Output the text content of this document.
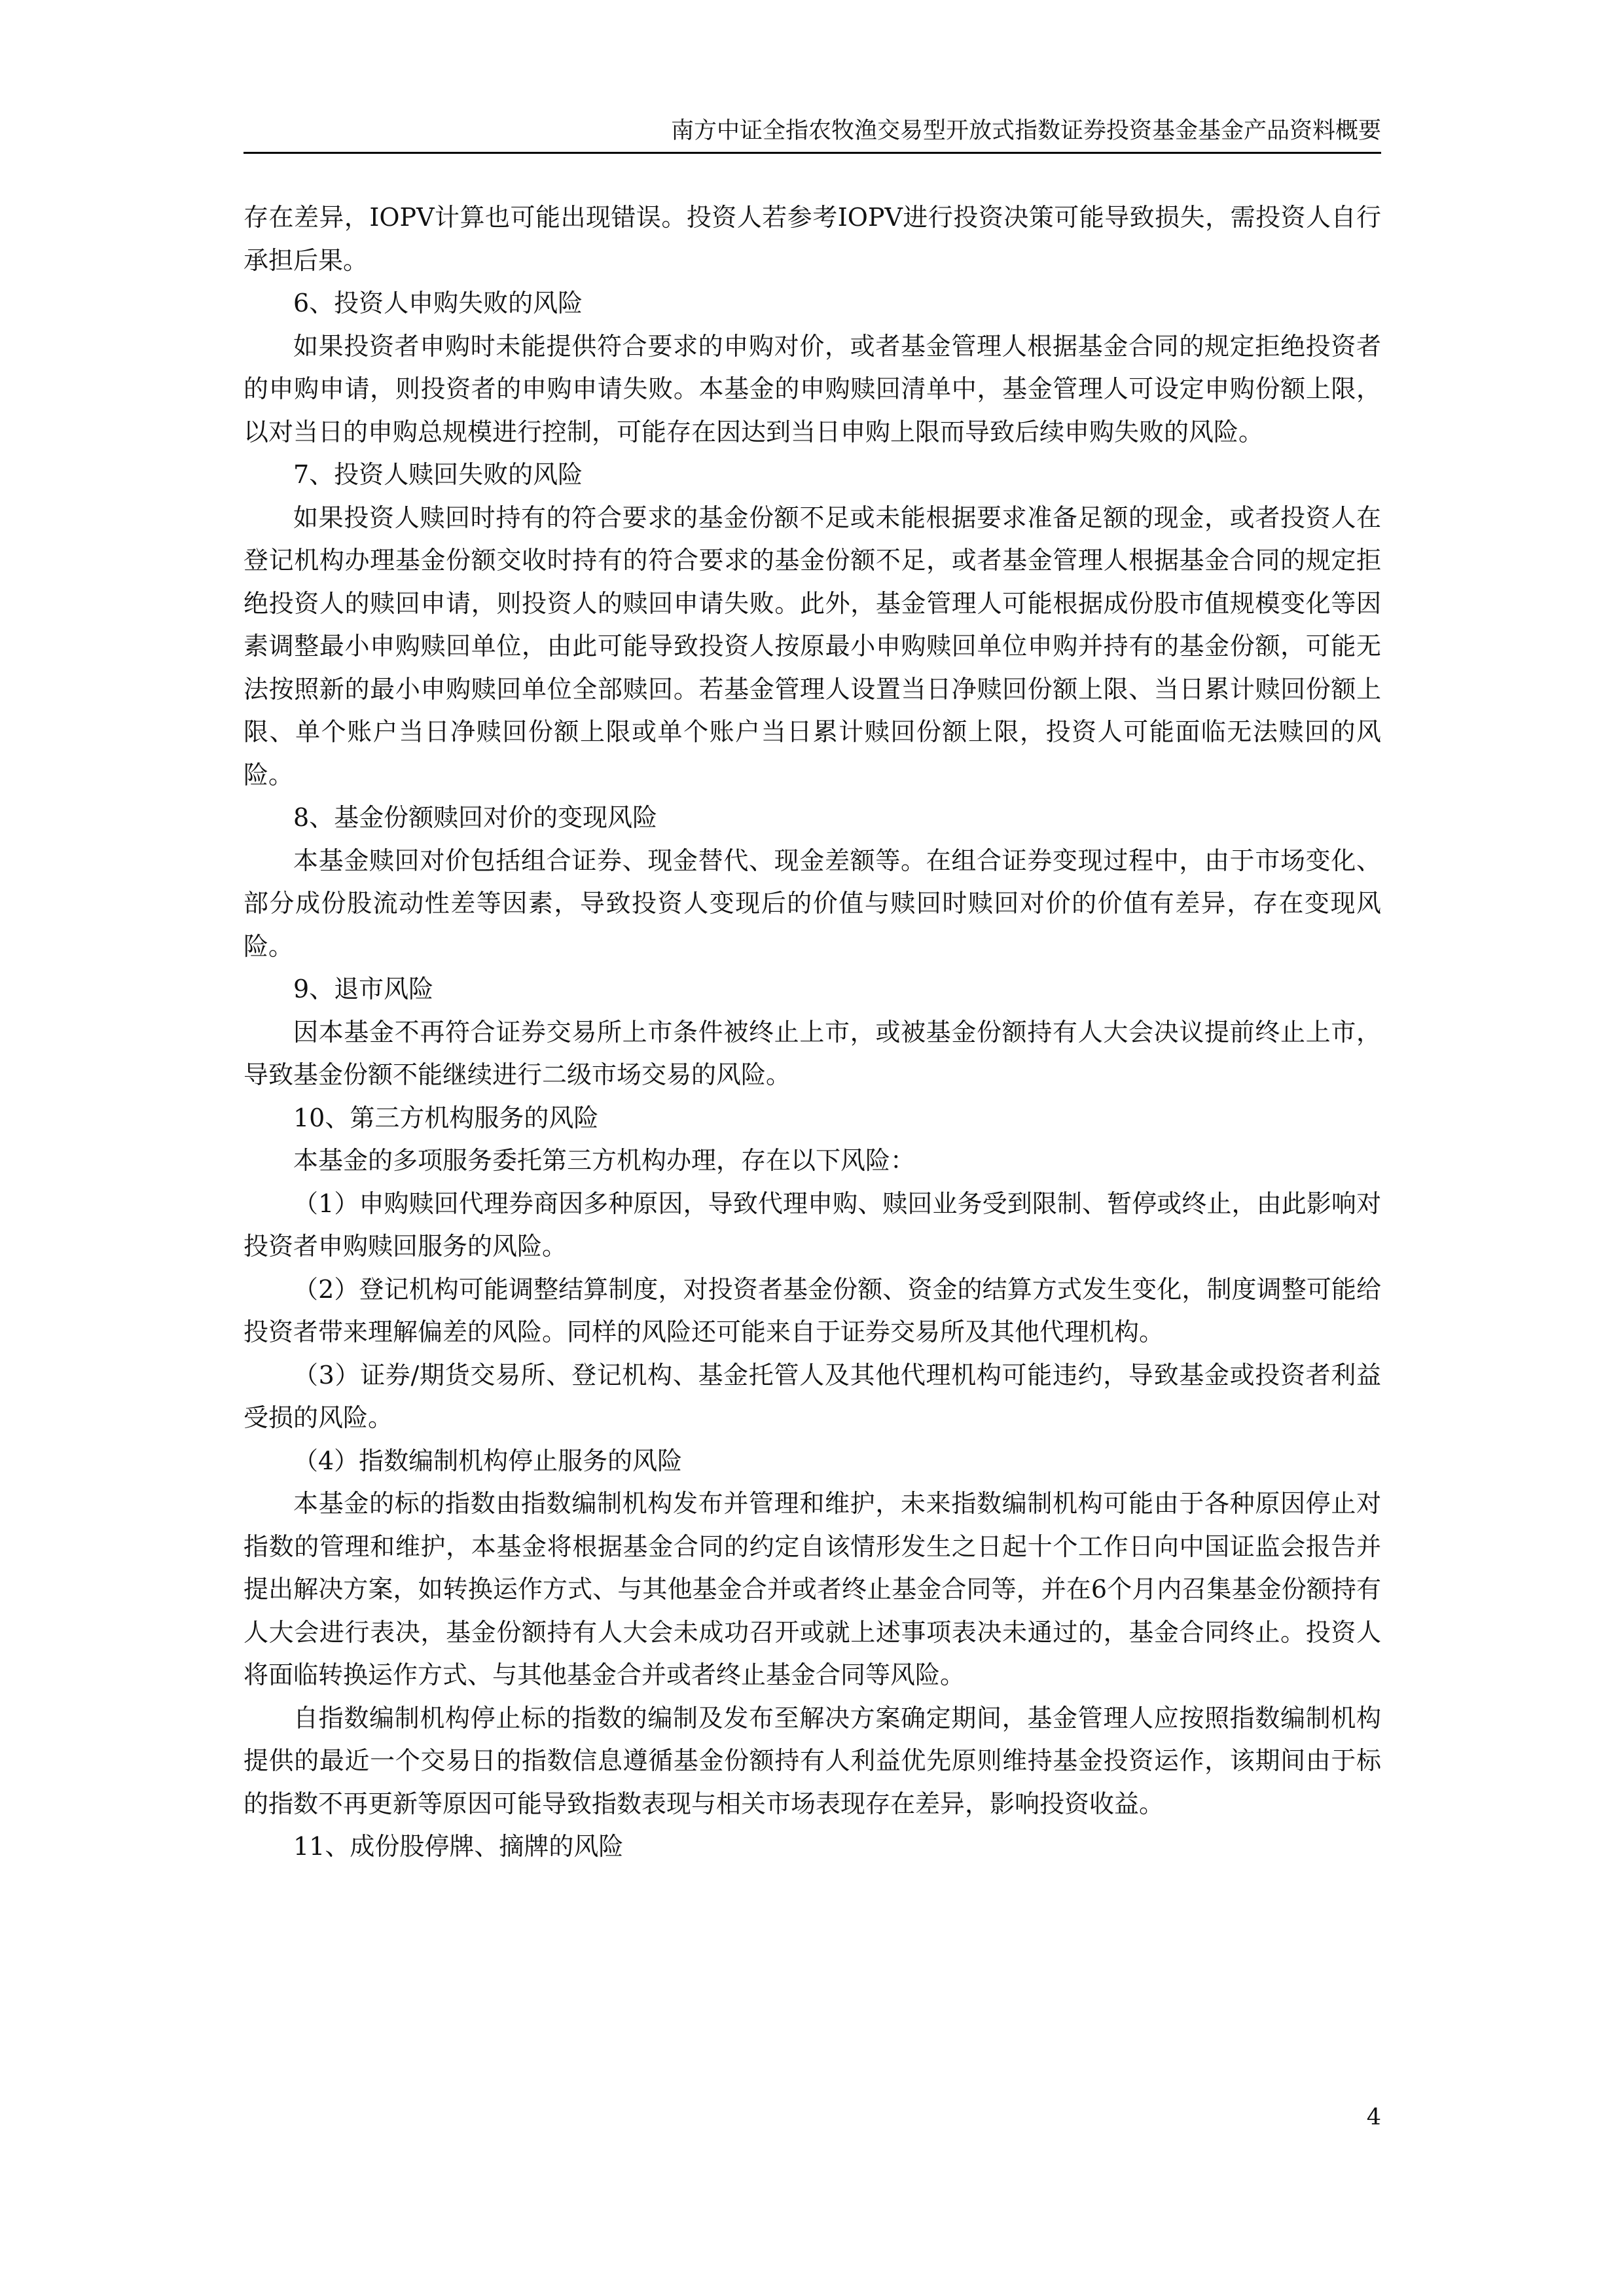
南方中证全指农牧渔交易型开放式指数证券投资基金基金产品资料概要

存在差异，IOPV计算也可能出现错误。投资人若参考IOPV进行投资决策可能导致损失，需投资人自行承担后果。

6、投资人申购失败的风险

如果投资者申购时未能提供符合要求的申购对价，或者基金管理人根据基金合同的规定拒绝投资者的申购申请，则投资者的申购申请失败。本基金的申购赎回清单中，基金管理人可设定申购份额上限，以对当日的申购总规模进行控制，可能存在因达到当日申购上限而导致后续申购失败的风险。

7、投资人赎回失败的风险

如果投资人赎回时持有的符合要求的基金份额不足或未能根据要求准备足额的现金，或者投资人在登记机构办理基金份额交收时持有的符合要求的基金份额不足，或者基金管理人根据基金合同的规定拒绝投资人的赎回申请，则投资人的赎回申请失败。此外，基金管理人可能根据成份股市值规模变化等因素调整最小申购赎回单位，由此可能导致投资人按原最小申购赎回单位申购并持有的基金份额，可能无法按照新的最小申购赎回单位全部赎回。若基金管理人设置当日净赎回份额上限、当日累计赎回份额上限、单个账户当日净赎回份额上限或单个账户当日累计赎回份额上限，投资人可能面临无法赎回的风险。

8、基金份额赎回对价的变现风险

本基金赎回对价包括组合证券、现金替代、现金差额等。在组合证券变现过程中，由于市场变化、部分成份股流动性差等因素，导致投资人变现后的价值与赎回时赎回对价的价值有差异，存在变现风险。

9、退市风险

因本基金不再符合证券交易所上市条件被终止上市，或被基金份额持有人大会决议提前终止上市，导致基金份额不能继续进行二级市场交易的风险。

10、第三方机构服务的风险

本基金的多项服务委托第三方机构办理，存在以下风险：

（1）申购赎回代理券商因多种原因，导致代理申购、赎回业务受到限制、暂停或终止，由此影响对投资者申购赎回服务的风险。

（2）登记机构可能调整结算制度，对投资者基金份额、资金的结算方式发生变化，制度调整可能给投资者带来理解偏差的风险。同样的风险还可能来自于证券交易所及其他代理机构。

（3）证券/期货交易所、登记机构、基金托管人及其他代理机构可能违约，导致基金或投资者利益受损的风险。

（4）指数编制机构停止服务的风险

本基金的标的指数由指数编制机构发布并管理和维护，未来指数编制机构可能由于各种原因停止对指数的管理和维护，本基金将根据基金合同的约定自该情形发生之日起十个工作日向中国证监会报告并提出解决方案，如转换运作方式、与其他基金合并或者终止基金合同等，并在6个月内召集基金份额持有人大会进行表决，基金份额持有人大会未成功召开或就上述事项表决未通过的，基金合同终止。投资人将面临转换运作方式、与其他基金合并或者终止基金合同等风险。

自指数编制机构停止标的指数的编制及发布至解决方案确定期间，基金管理人应按照指数编制机构提供的最近一个交易日的指数信息遵循基金份额持有人利益优先原则维持基金投资运作，该期间由于标的指数不再更新等原因可能导致指数表现与相关市场表现存在差异，影响投资收益。

11、成份股停牌、摘牌的风险

4
